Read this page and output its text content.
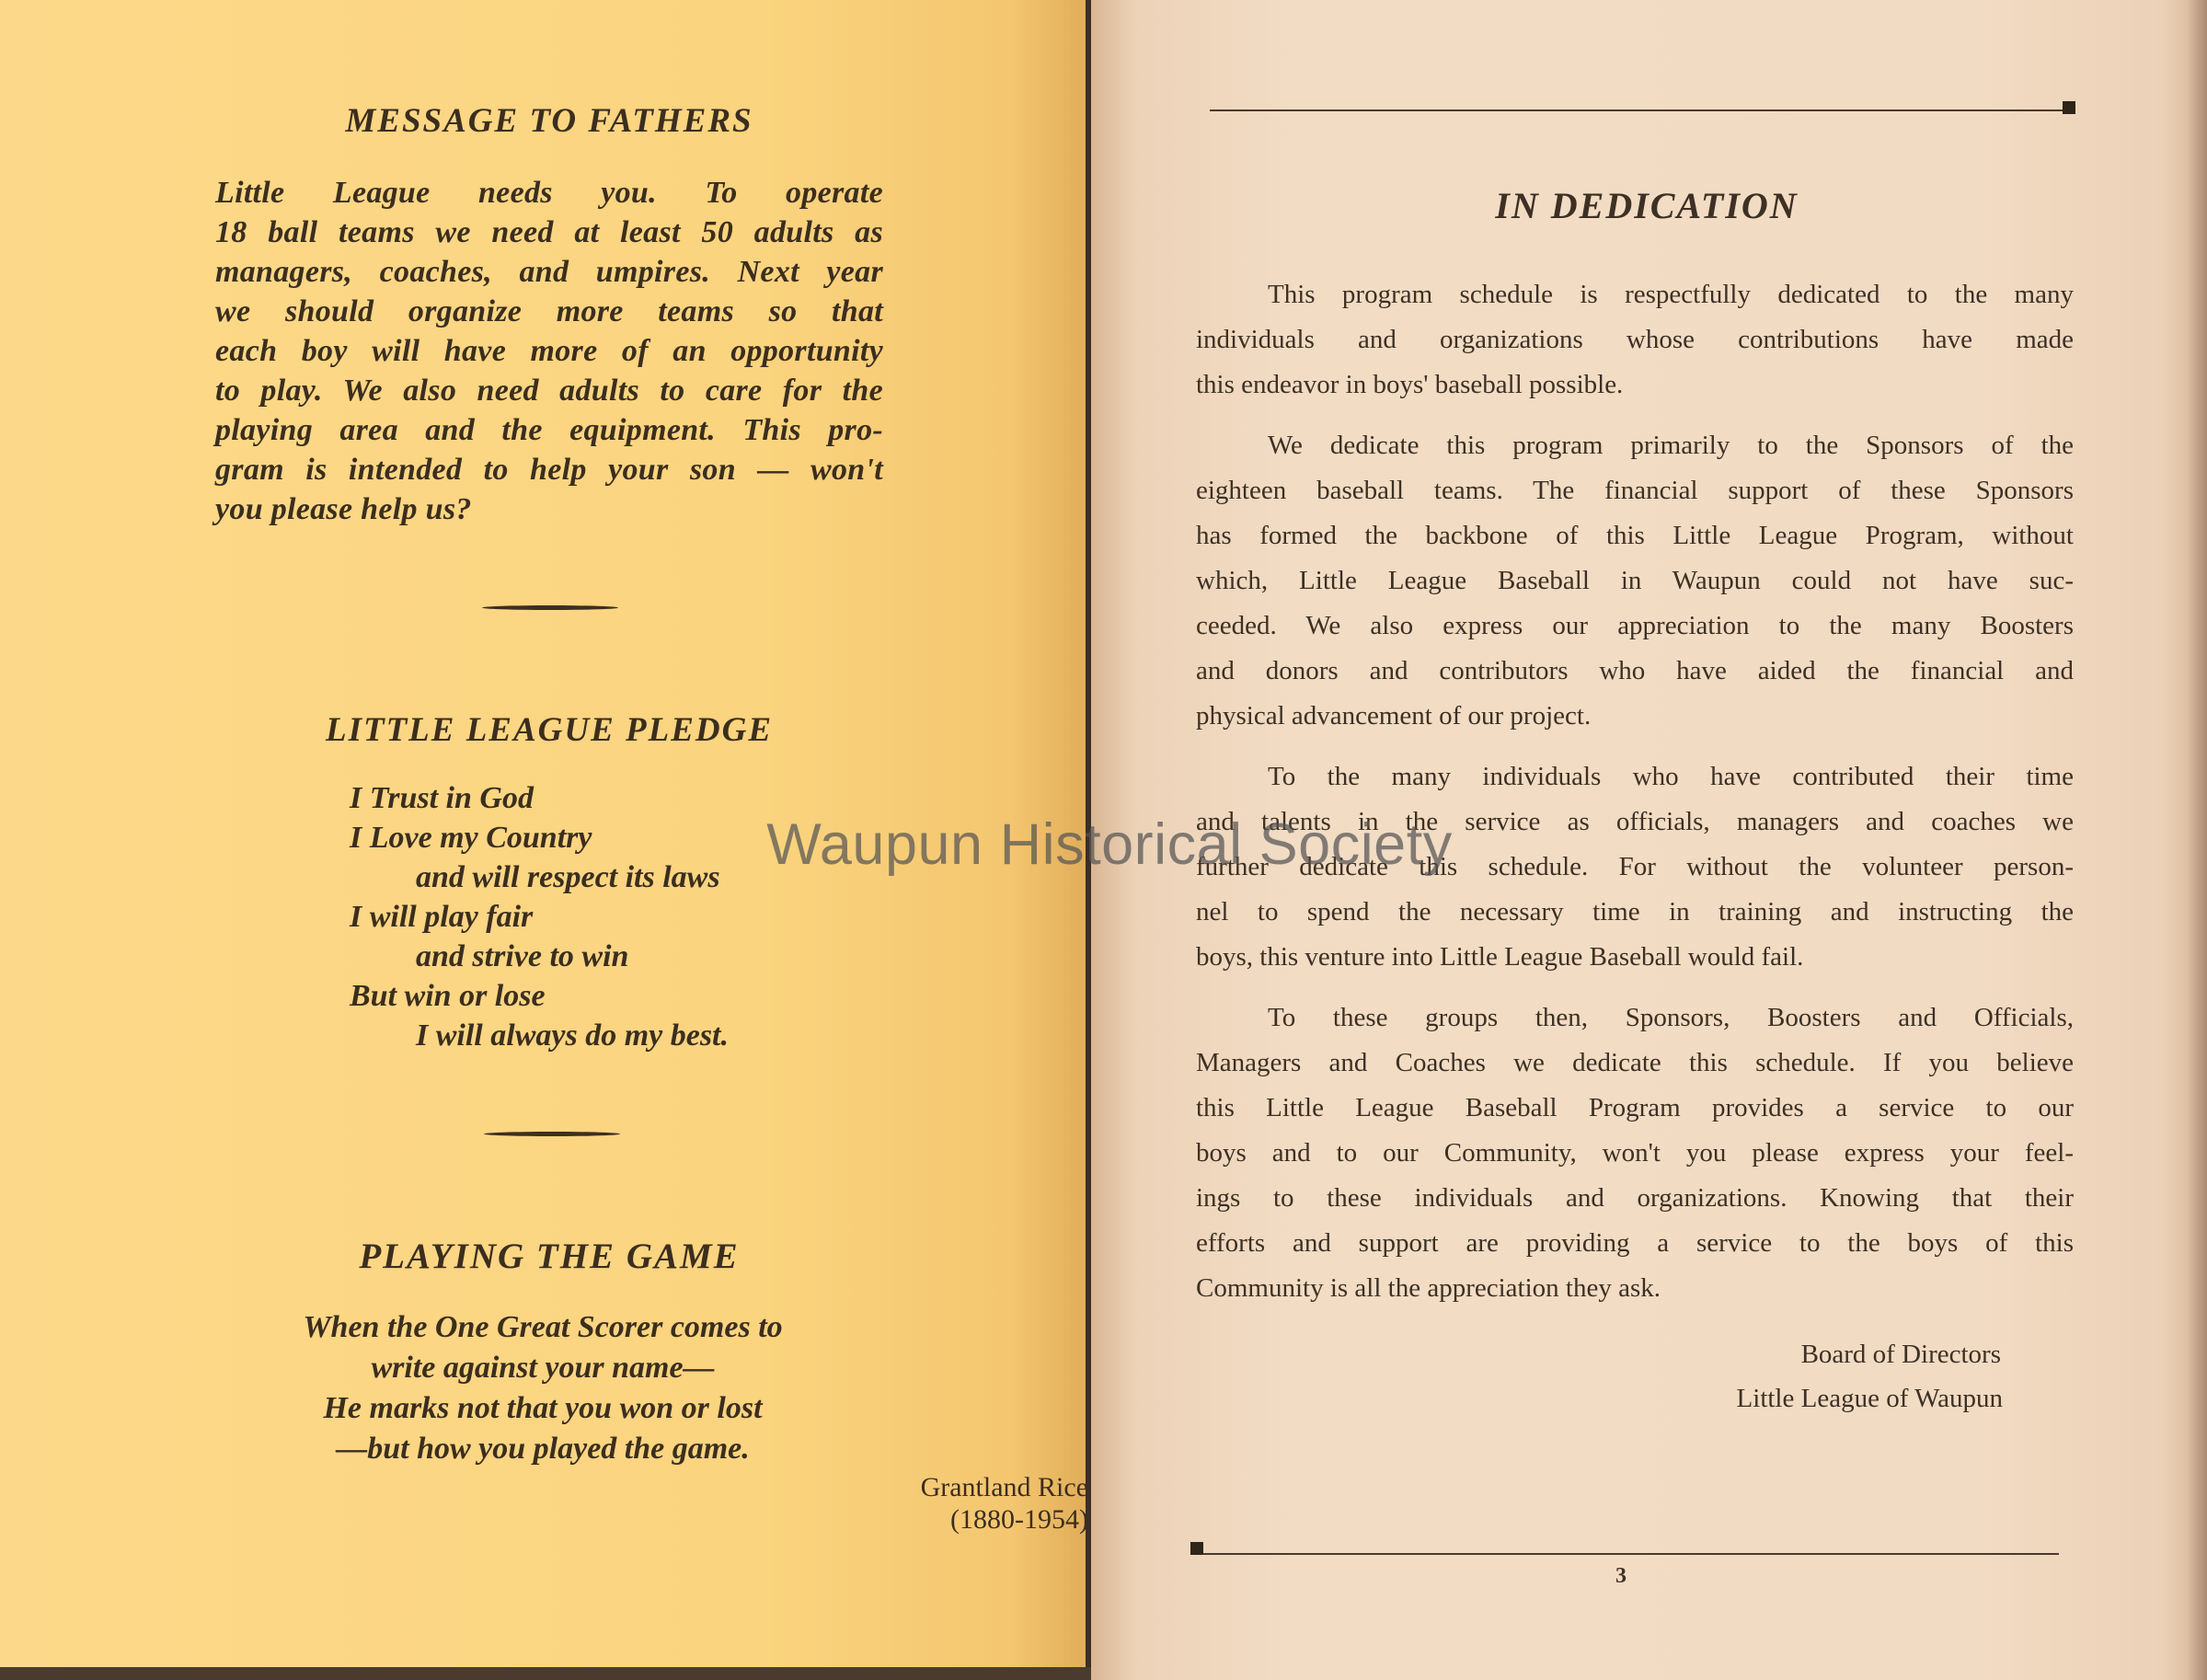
MESSAGE TO FATHERS
Little League needs you. To operate
18 ball teams we need at least 50 adults as
managers, coaches, and umpires. Next year
we should organize more teams so that
each boy will have more of an opportunity
to play. We also need adults to care for the
playing area and the equipment. This pro-
gram is intended to help your son — won't
you please help us?
LITTLE LEAGUE PLEDGE
I Trust in God
I Love my Country
and will respect its laws
I will play fair
and strive to win
But win or lose
I will always do my best.
PLAYING THE GAME
When the One Great Scorer comes to
write against your name—
He marks not that you won or lost
—but how you played the game.
Grantland Rice
(1880-1954)
IN DEDICATION
This program schedule is respectfully dedicated to the many
individuals and organizations whose contributions have made
this endeavor in boys' baseball possible.
We dedicate this program primarily to the Sponsors of the
eighteen baseball teams. The financial support of these Sponsors
has formed the backbone of this Little League Program, without
which, Little League Baseball in Waupun could not have suc-
ceeded. We also express our appreciation to the many Boosters
and donors and contributors who have aided the financial and
physical advancement of our project.
To the many individuals who have contributed their time
and talents in the service as officials, managers and coaches we
further dedicate this schedule. For without the volunteer person-
nel to spend the necessary time in training and instructing the
boys, this venture into Little League Baseball would fail.
To these groups then, Sponsors, Boosters and Officials,
Managers and Coaches we dedicate this schedule. If you believe
this Little League Baseball Program provides a service to our
boys and to our Community, won't you please express your feel-
ings to these individuals and organizations. Knowing that their
efforts and support are providing a service to the boys of this
Community is all the appreciation they ask.
Board of Directors
Little League of Waupun
3
Waupun Historical Society
